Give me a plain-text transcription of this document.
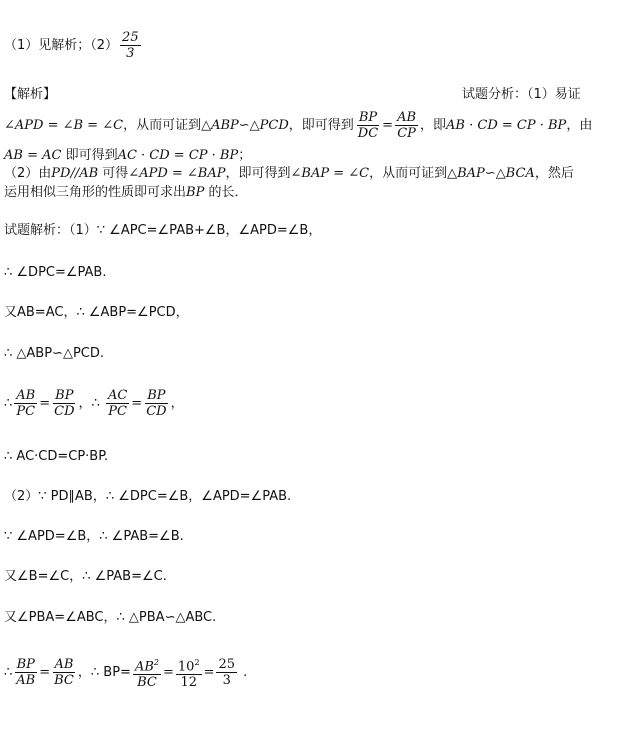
（1）见解析；$(2) \frac{25}{3}$
【解析】	试题分析：（1）易证
∠APD = ∠B = ∠C，从而可证到△ABP∽△PCD，即可得到 $\frac{BP}{DC} = \frac{AB}{CP}$ ，即AB · CD = CP · BP，由
AB = AC 即可得到AC · CD = CP · BP；
（2）由PD//AB 可得∠APD = ∠BAP，即可得到∠BAP = ∠C，从而可证到△BAP∽△BCA，然后
运用相似三角形的性质即可求出BP 的长．
试题解析：（1）∵ ∠APC=∠PAB+∠B，∠APD=∠B，
∴ ∠DPC=∠PAB.
又AB=AC，∴ ∠ABP=∠PCD，
∴ △ABP∽△PCD.
∴ $\frac{AB}{PC} = \frac{BP}{CD}$ ，∴ $\frac{AC}{PC} = \frac{BP}{CD}$ ，
∴ AC·CD=CP·BP.
（2）∵ PD∥AB，∴ ∠DPC=∠B，∠APD=∠PAB.
∵ ∠APD=∠B，∴ ∠PAB=∠B.
又∠B=∠C，∴ ∠PAB=∠C.
又∠PBA=∠ABC，∴ △PBA∽△ABC.
∴ $\frac{BP}{AB} = \frac{AB}{BC}$ ，∴ $BP= \frac{AB^2}{BC} = \frac{10^2}{12} = \frac{25}{3}$ .
